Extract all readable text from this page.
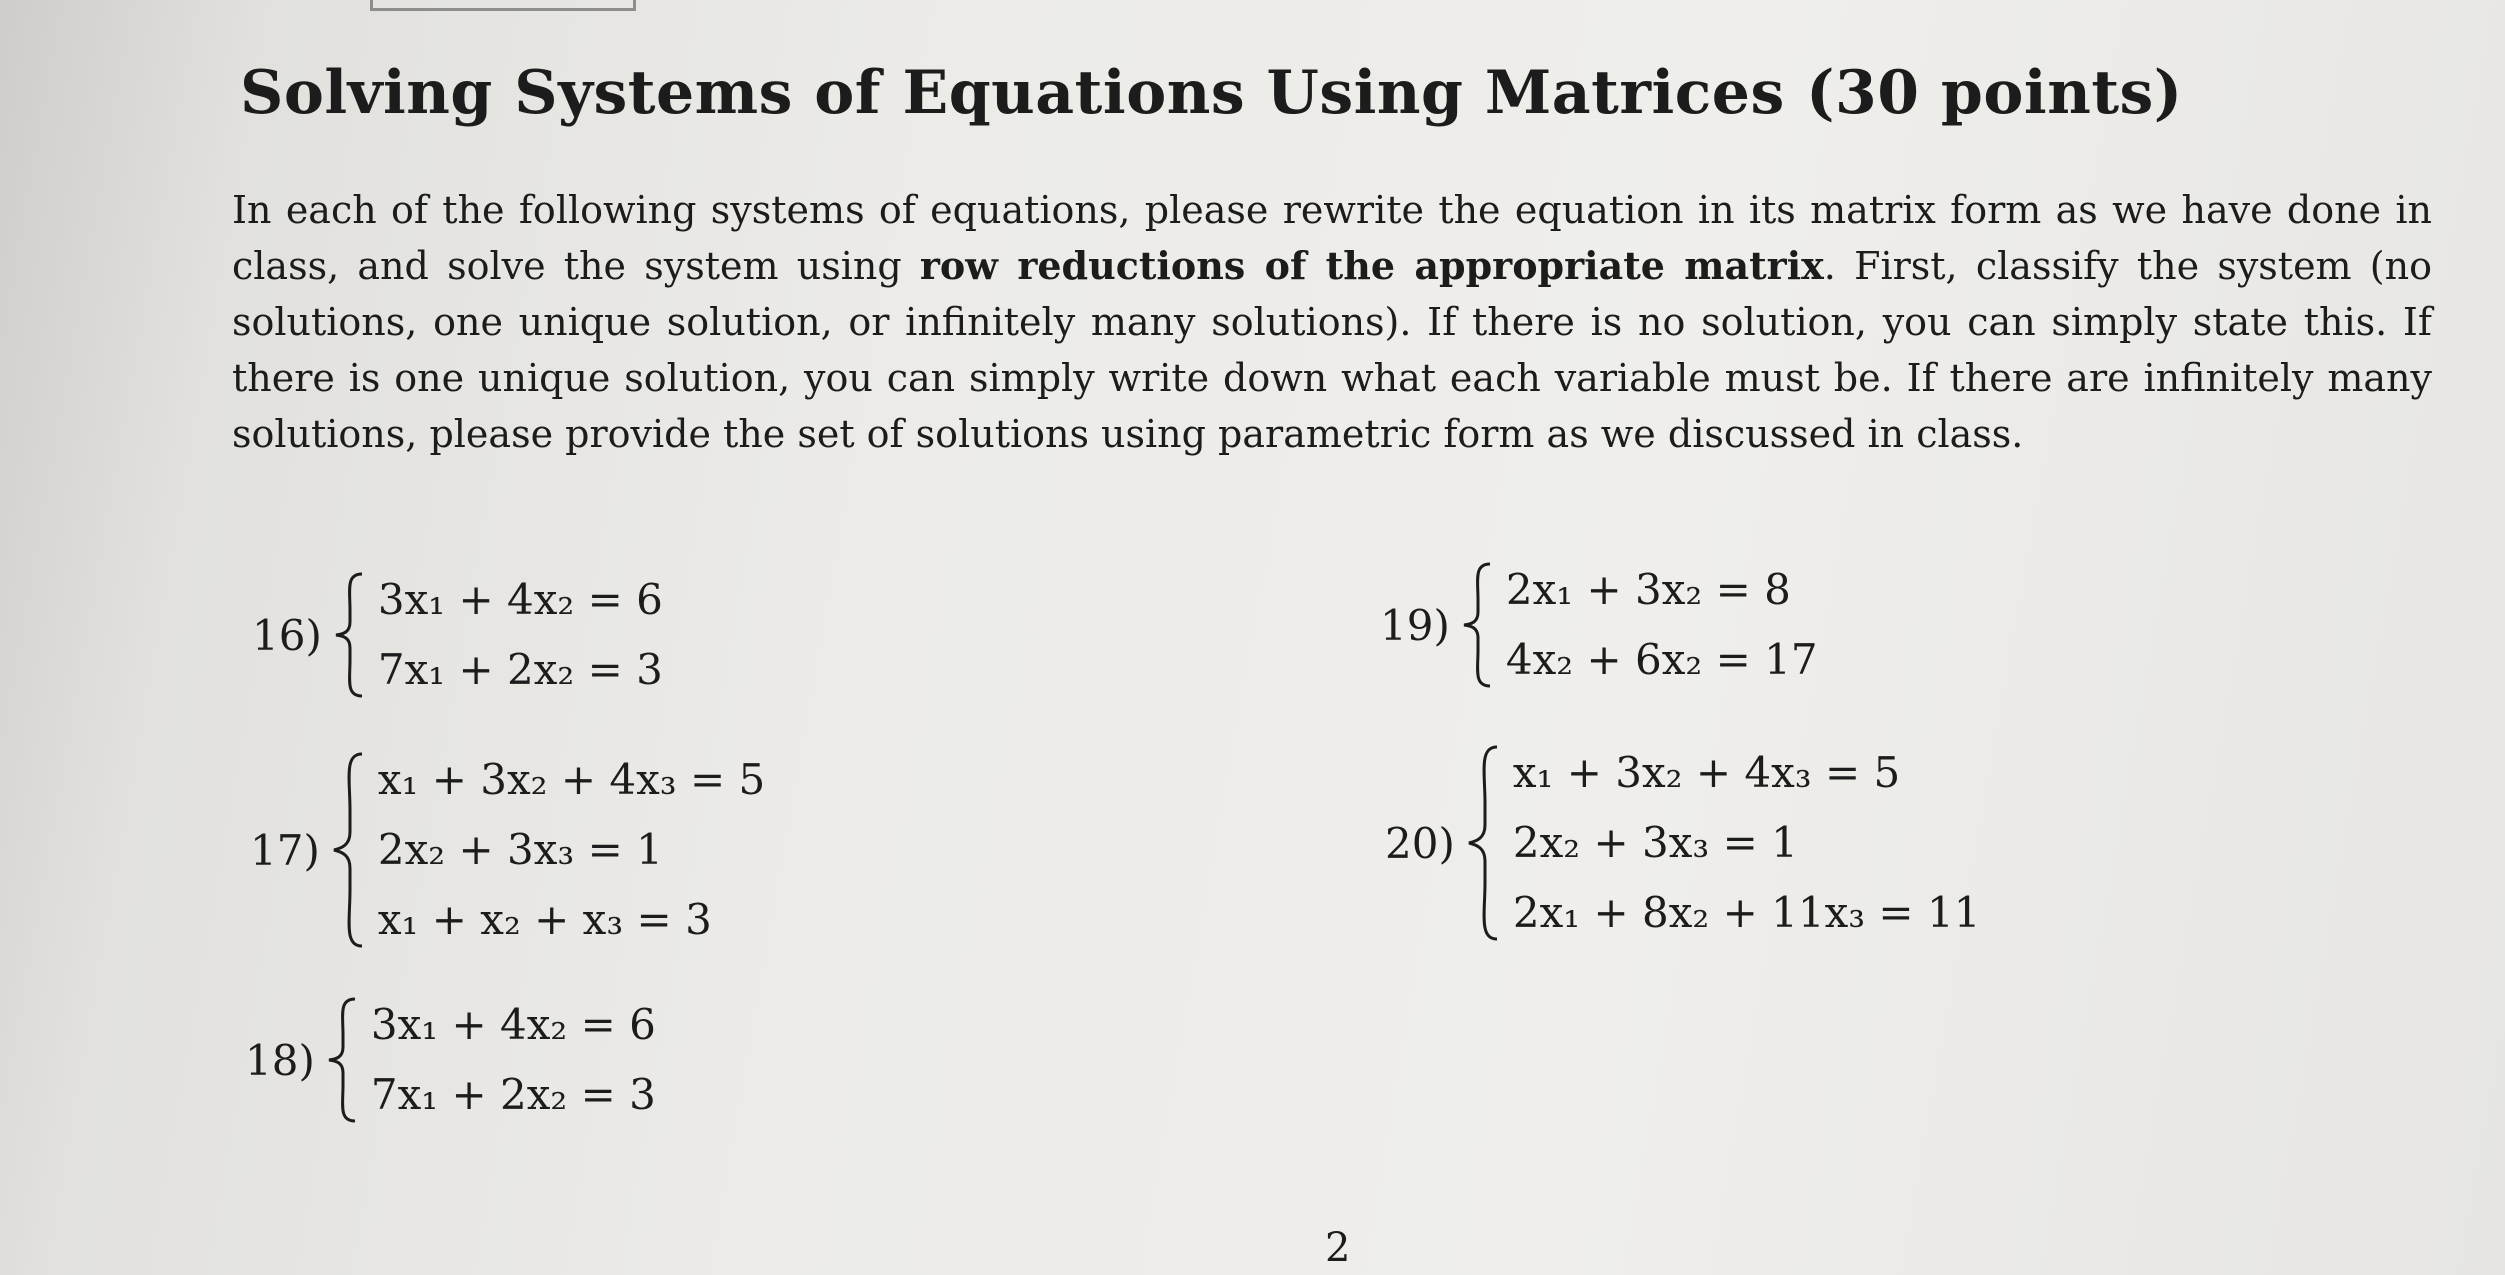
Solving Systems of Equations Using Matrices (30 points)

In each of the following systems of equations, please rewrite the equation in its matrix form as we have done in class, and solve the system using row reductions of the appropriate matrix. First, classify the system (no solutions, one unique solution, or infinitely many solutions). If there is no solution, you can simply state this. If there is one unique solution, you can simply write down what each variable must be. If there are infinitely many solutions, please provide the set of solutions using parametric form as we discussed in class.

16)
3x₁ + 4x₂ = 6
7x₁ + 2x₂ = 3
17)
x₁ + 3x₂ + 4x₃ = 5
2x₂ + 3x₃ = 1
x₁ + x₂ + x₃ = 3
18)
3x₁ + 4x₂ = 6
7x₁ + 2x₂ = 3
19)
2x₁ + 3x₂ = 8
4x₂ + 6x₂ = 17
20)
x₁ + 3x₂ + 4x₃ = 5
2x₂ + 3x₃ = 1
2x₁ + 8x₂ + 11x₃ = 11
2
